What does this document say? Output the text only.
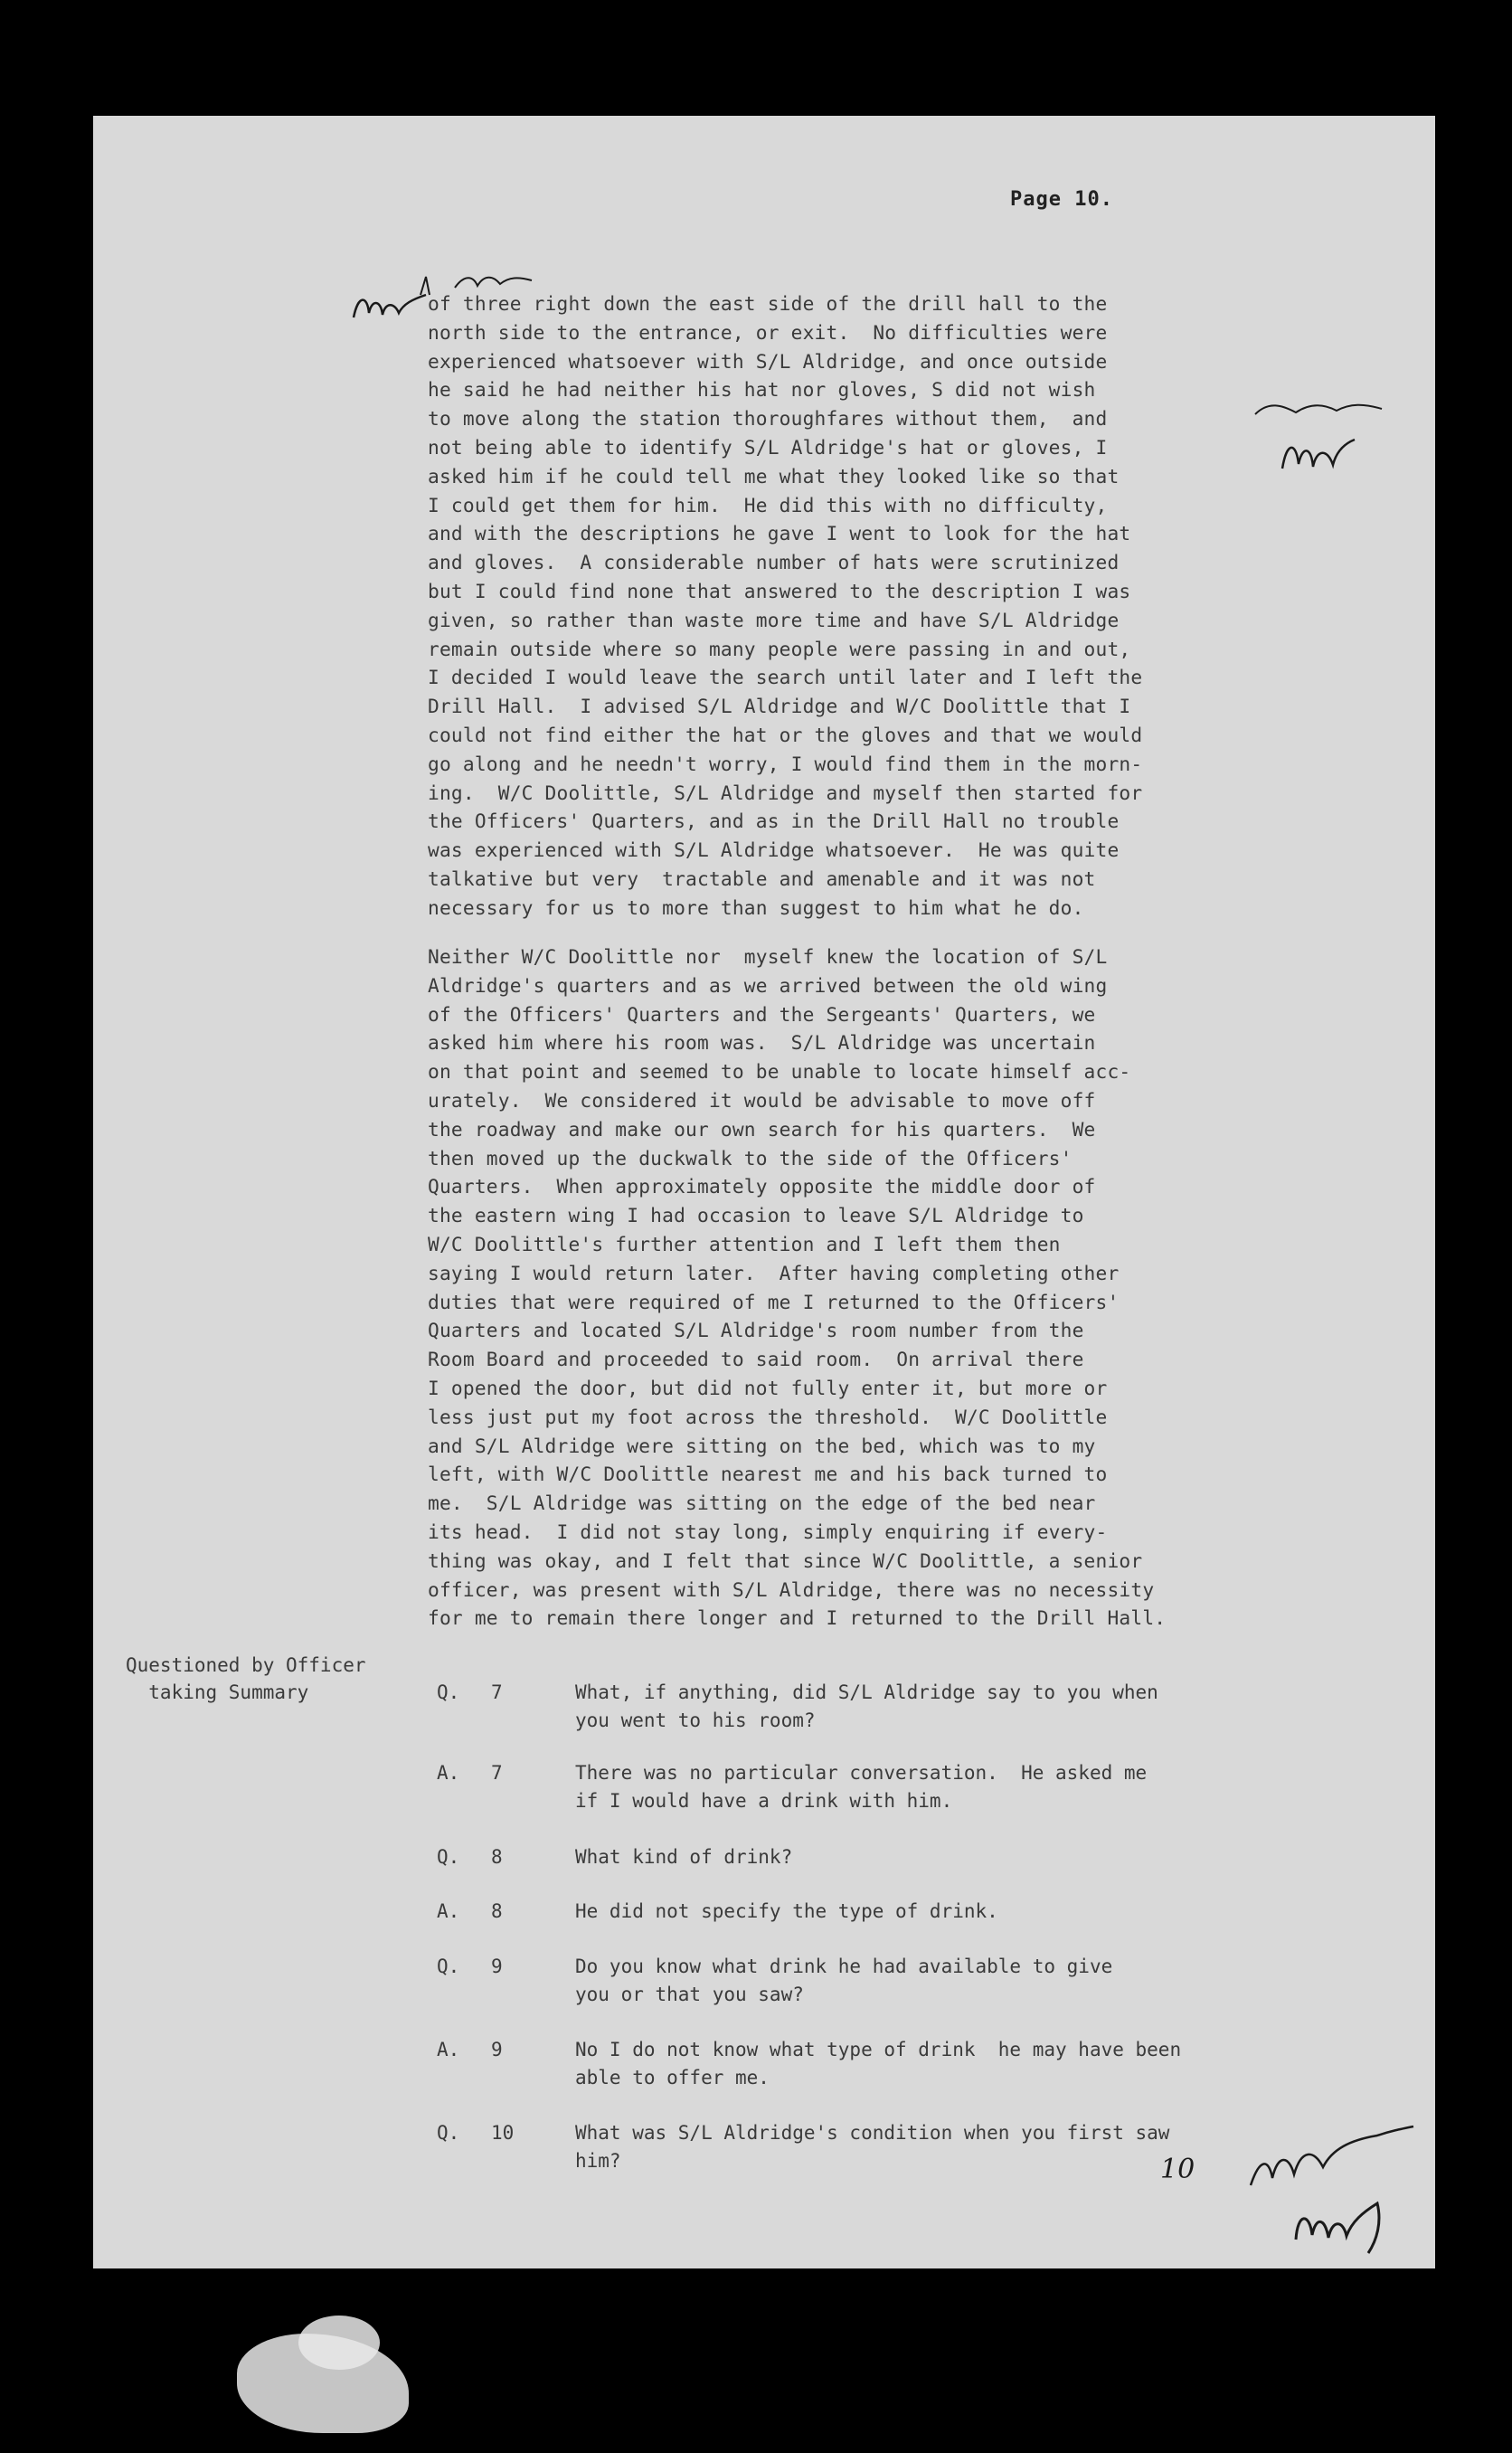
Page 10.
of three right down the east side of the drill hall to the
north side to the entrance, or exit.  No difficulties were
experienced whatsoever with S/L Aldridge, and once outside
he said he had neither his hat nor gloves, S did not wish
to move along the station thoroughfares without them,  and
not being able to identify S/L Aldridge's hat or gloves, I
asked him if he could tell me what they looked like so that
I could get them for him.  He did this with no difficulty,
and with the descriptions he gave I went to look for the hat
and gloves.  A considerable number of hats were scrutinized
but I could find none that answered to the description I was
given, so rather than waste more time and have S/L Aldridge
remain outside where so many people were passing in and out,
I decided I would leave the search until later and I left the
Drill Hall.  I advised S/L Aldridge and W/C Doolittle that I
could not find either the hat or the gloves and that we would
go along and he needn't worry, I would find them in the morn-
ing.  W/C Doolittle, S/L Aldridge and myself then started for
the Officers' Quarters, and as in the Drill Hall no trouble
was experienced with S/L Aldridge whatsoever.  He was quite
talkative but very  tractable and amenable and it was not
necessary for us to more than suggest to him what he do.
Neither W/C Doolittle nor  myself knew the location of S/L
Aldridge's quarters and as we arrived between the old wing
of the Officers' Quarters and the Sergeants' Quarters, we
asked him where his room was.  S/L Aldridge was uncertain
on that point and seemed to be unable to locate himself acc-
urately.  We considered it would be advisable to move off
the roadway and make our own search for his quarters.  We
then moved up the duckwalk to the side of the Officers'
Quarters.  When approximately opposite the middle door of
the eastern wing I had occasion to leave S/L Aldridge to
W/C Doolittle's further attention and I left them then
saying I would return later.  After having completing other
duties that were required of me I returned to the Officers'
Quarters and located S/L Aldridge's room number from the
Room Board and proceeded to said room.  On arrival there
I opened the door, but did not fully enter it, but more or
less just put my foot across the threshold.  W/C Doolittle
and S/L Aldridge were sitting on the bed, which was to my
left, with W/C Doolittle nearest me and his back turned to
me.  S/L Aldridge was sitting on the edge of the bed near
its head.  I did not stay long, simply enquiring if every-
thing was okay, and I felt that since W/C Doolittle, a senior
officer, was present with S/L Aldridge, there was no necessity
for me to remain there longer and I returned to the Drill Hall.
Questioned by Officer
taking Summary	Q. 7	What, if anything, did S/L Aldridge say to you when
you went to his room?
A. 7	There was no particular conversation.  He asked me
if I would have a drink with him.
Q. 8	What kind of drink?
A. 8	He did not specify the type of drink.
Q. 9	Do you know what drink he had available to give
you or that you saw?
A. 9	No I do not know what type of drink  he may have been
able to offer me.
Q. 10	What was S/L Aldridge's condition when you first saw
him?	10
